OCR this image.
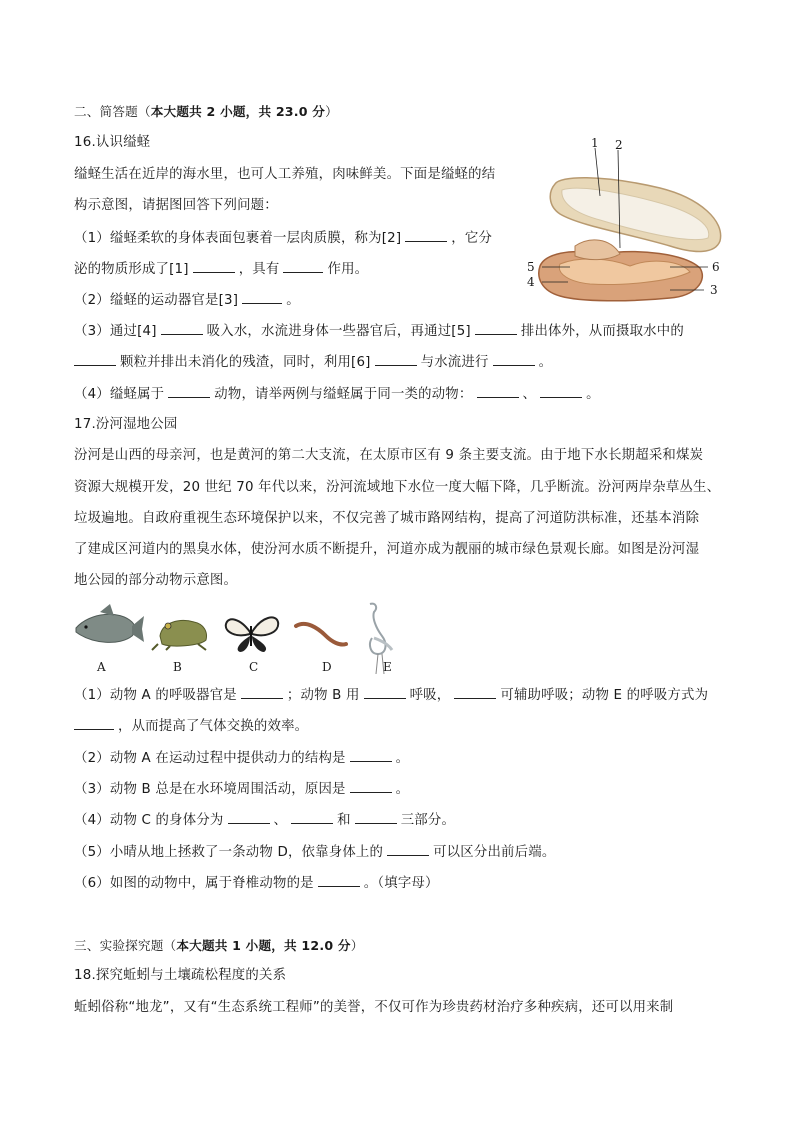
二、简答题（本大题共 2 小题，共 23.0 分）
16.认识缢蛏
缢蛏生活在近岸的海水里，也可人工养殖，肉味鲜美。下面是缢蛏的结
构示意图，请据图回答下列问题：
（1）缢蛏柔软的身体表面包裹着一层肉质膜，称为[2]	，它分
泌的物质形成了[1]	，具有	作用。
（2）缢蛏的运动器官是[3]	。
（3）通过[4]	吸入水，水流进身体一些器官后，再通过[5]	排出体外，从而摄取水中的
颗粒并排出未消化的残渣，同时，利用[6]	与水流进行	。
（4）缢蛏属于	动物，请举两例与缢蛏属于同一类的动物：	、	。
1 2
3
4
5	6
17.汾河湿地公园
汾河是山西的母亲河，也是黄河的第二大支流，在太原市区有 9 条主要支流。由于地下水长期超采和煤炭
资源大规模开发，20 世纪 70 年代以来，汾河流域地下水位一度大幅下降，几乎断流。汾河两岸杂草丛生、
垃圾遍地。自政府重视生态环境保护以来，不仅完善了城市路网结构，提高了河道防洪标准，还基本消除
了建成区河道内的黑臭水体，使汾河水质不断提升，河道亦成为靓丽的城市绿色景观长廊。如图是汾河湿
地公园的部分动物示意图。
A	B	C	D	E
（1）动物 A 的呼吸器官是	；动物 B 用	呼吸，	可辅助呼吸；动物 E 的呼吸方式为
，从而提高了气体交换的效率。
（2）动物 A 在运动过程中提供动力的结构是	。
（3）动物 B 总是在水环境周围活动，原因是	。
（4）动物 C 的身体分为	、	和	三部分。
（5）小晴从地上拯救了一条动物 D，依靠身体上的	可以区分出前后端。
（6）如图的动物中，属于脊椎动物的是	。（填字母）
三、实验探究题（本大题共 1 小题，共 12.0 分）
18.探究蚯蚓与土壤疏松程度的关系
蚯蚓俗称“地龙”，又有“生态系统工程师”的美誉，不仅可作为珍贵药材治疗多种疾病，还可以用来制
